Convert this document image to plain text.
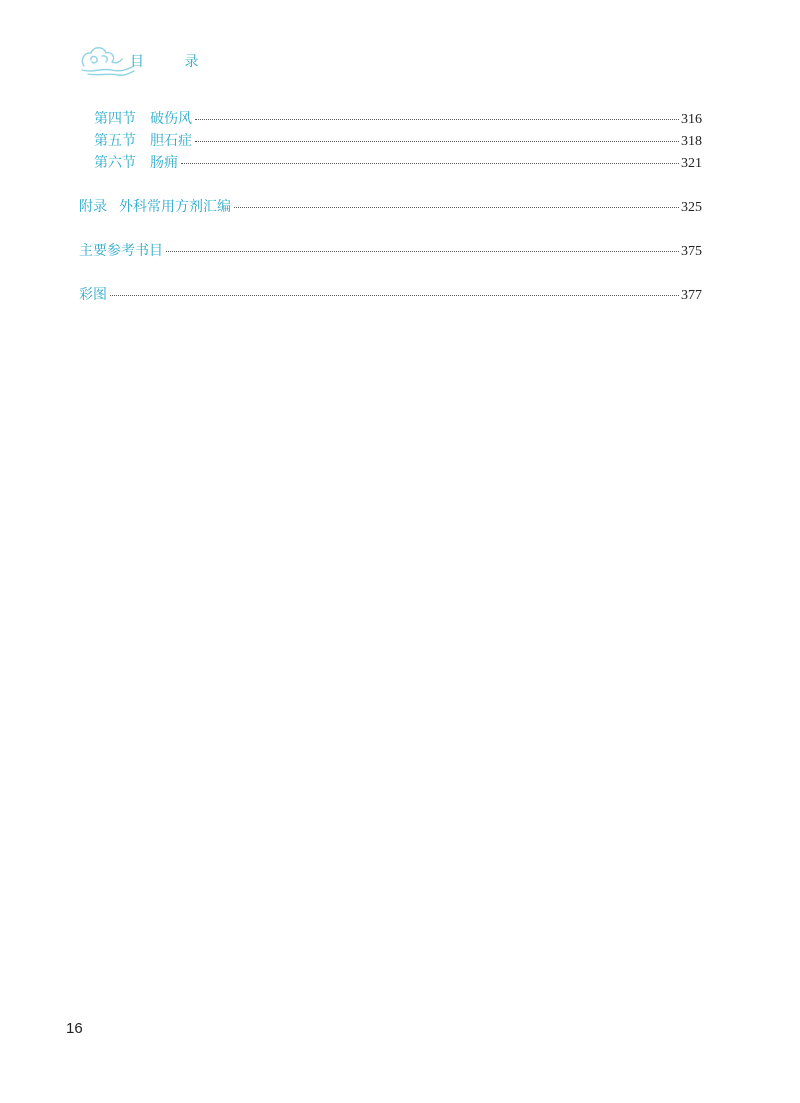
目 录
第四节 破伤风	316
第五节 胆石症	318
第六节 肠痈	321
附录 外科常用方剂汇编	325
主要参考书目	375
彩图	377
16
